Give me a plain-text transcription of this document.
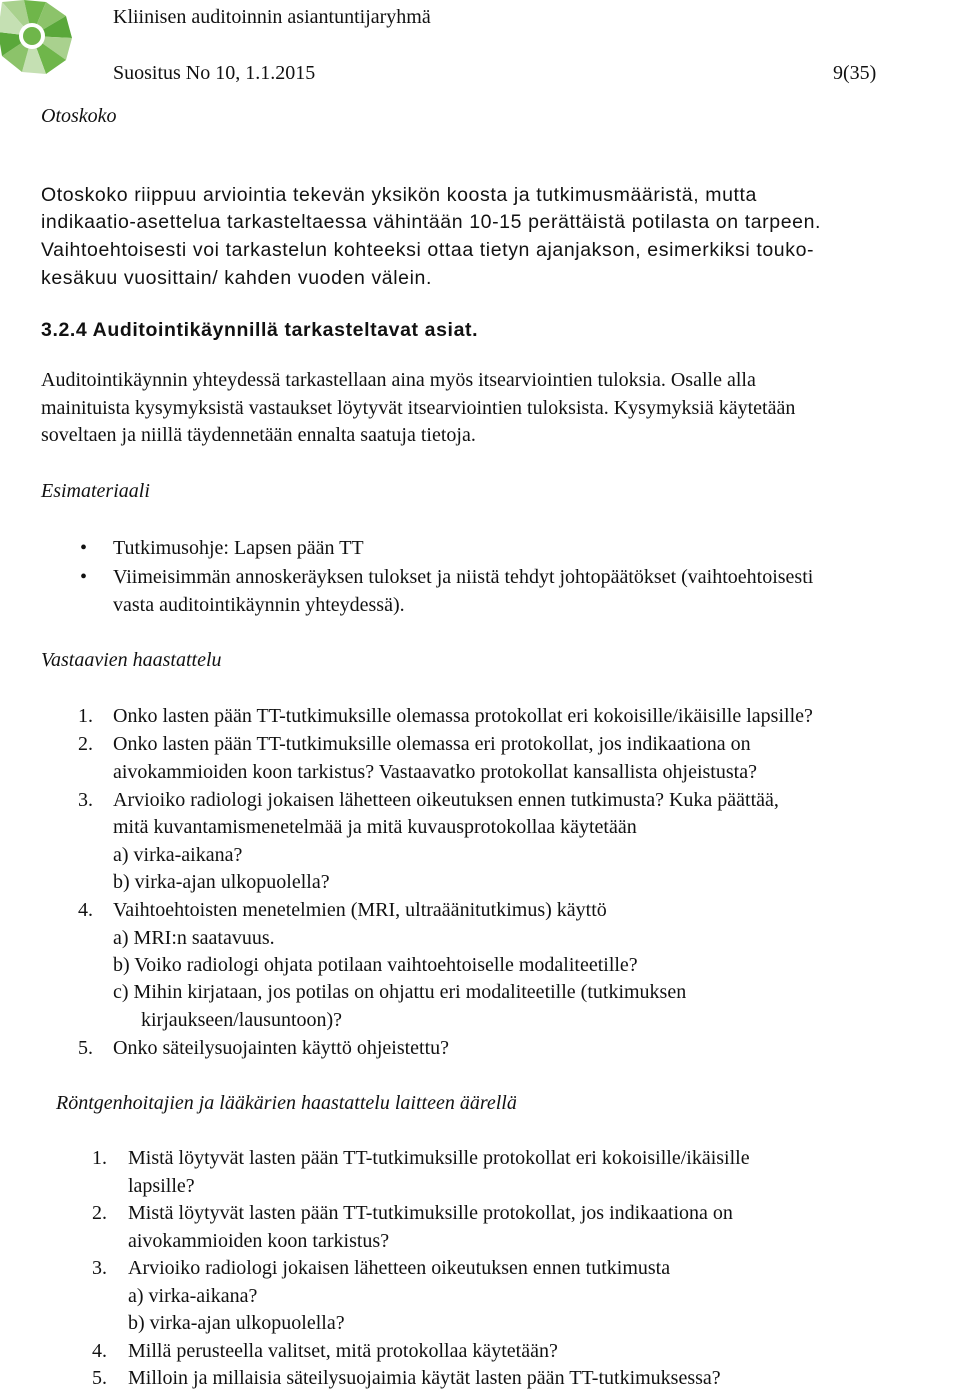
Kliinisen auditoinnin asiantuntijaryhmä
Suositus No 10, 1.1.2015	9(35)
Otoskoko
Otoskoko riippuu arviointia tekevän yksikön koosta ja tutkimusmääristä, mutta
indikaatio-asettelua tarkasteltaessa vähintään 10-15 perättäistä potilasta on tarpeen.
Vaihtoehtoisesti voi tarkastelun kohteeksi ottaa tietyn ajanjakson, esimerkiksi touko-
kesäkuu vuosittain/ kahden vuoden välein.
3.2.4 Auditointikäynnillä tarkasteltavat asiat.
Auditointikäynnin yhteydessä tarkastellaan aina myös itsearviointien tuloksia. Osalle alla
mainituista kysymyksistä vastaukset löytyvät itsearviointien tuloksista. Kysymyksiä käytetään
soveltaen ja niillä täydennetään ennalta saatuja tietoja.
Esimateriaali
• Tutkimusohje: Lapsen pään TT
• Viimeisimmän annoskeräyksen tulokset ja niistä tehdyt johtopäätökset (vaihtoehtoisesti
vasta auditointikäynnin yhteydessä).
Vastaavien haastattelu
1. Onko lasten pään TT-tutkimuksille olemassa protokollat eri kokoisille/ikäisille lapsille?
2. Onko lasten pään TT-tutkimuksille olemassa eri protokollat, jos indikaationa on
aivokammioiden koon tarkistus? Vastaavatko protokollat kansallista ohjeistusta?
3. Arvioiko radiologi jokaisen lähetteen oikeutuksen ennen tutkimusta? Kuka päättää,
mitä kuvantamismenetelmää ja mitä kuvausprotokollaa käytetään
a) virka-aikana?
b) virka-ajan ulkopuolella?
4. Vaihtoehtoisten menetelmien (MRI, ultraäänitutkimus) käyttö
a) MRI:n saatavuus.
b) Voiko radiologi ohjata potilaan vaihtoehtoiselle modaliteetille?
c) Mihin kirjataan, jos potilas on ohjattu eri modaliteetille (tutkimuksen
kirjaukseen/lausuntoon)?
5. Onko säteilysuojainten käyttö ohjeistettu?
Röntgenhoitajien ja lääkärien haastattelu laitteen äärellä
1. Mistä löytyvät lasten pään TT-tutkimuksille protokollat eri kokoisille/ikäisille
lapsille?
2. Mistä löytyvät lasten pään TT-tutkimuksille protokollat, jos indikaationa on
aivokammioiden koon tarkistus?
3. Arvioiko radiologi jokaisen lähetteen oikeutuksen ennen tutkimusta
a) virka-aikana?
b) virka-ajan ulkopuolella?
4. Millä perusteella valitset, mitä protokollaa käytetään?
5. Milloin ja millaisia säteilysuojaimia käytät lasten pään TT-tutkimuksessa?
